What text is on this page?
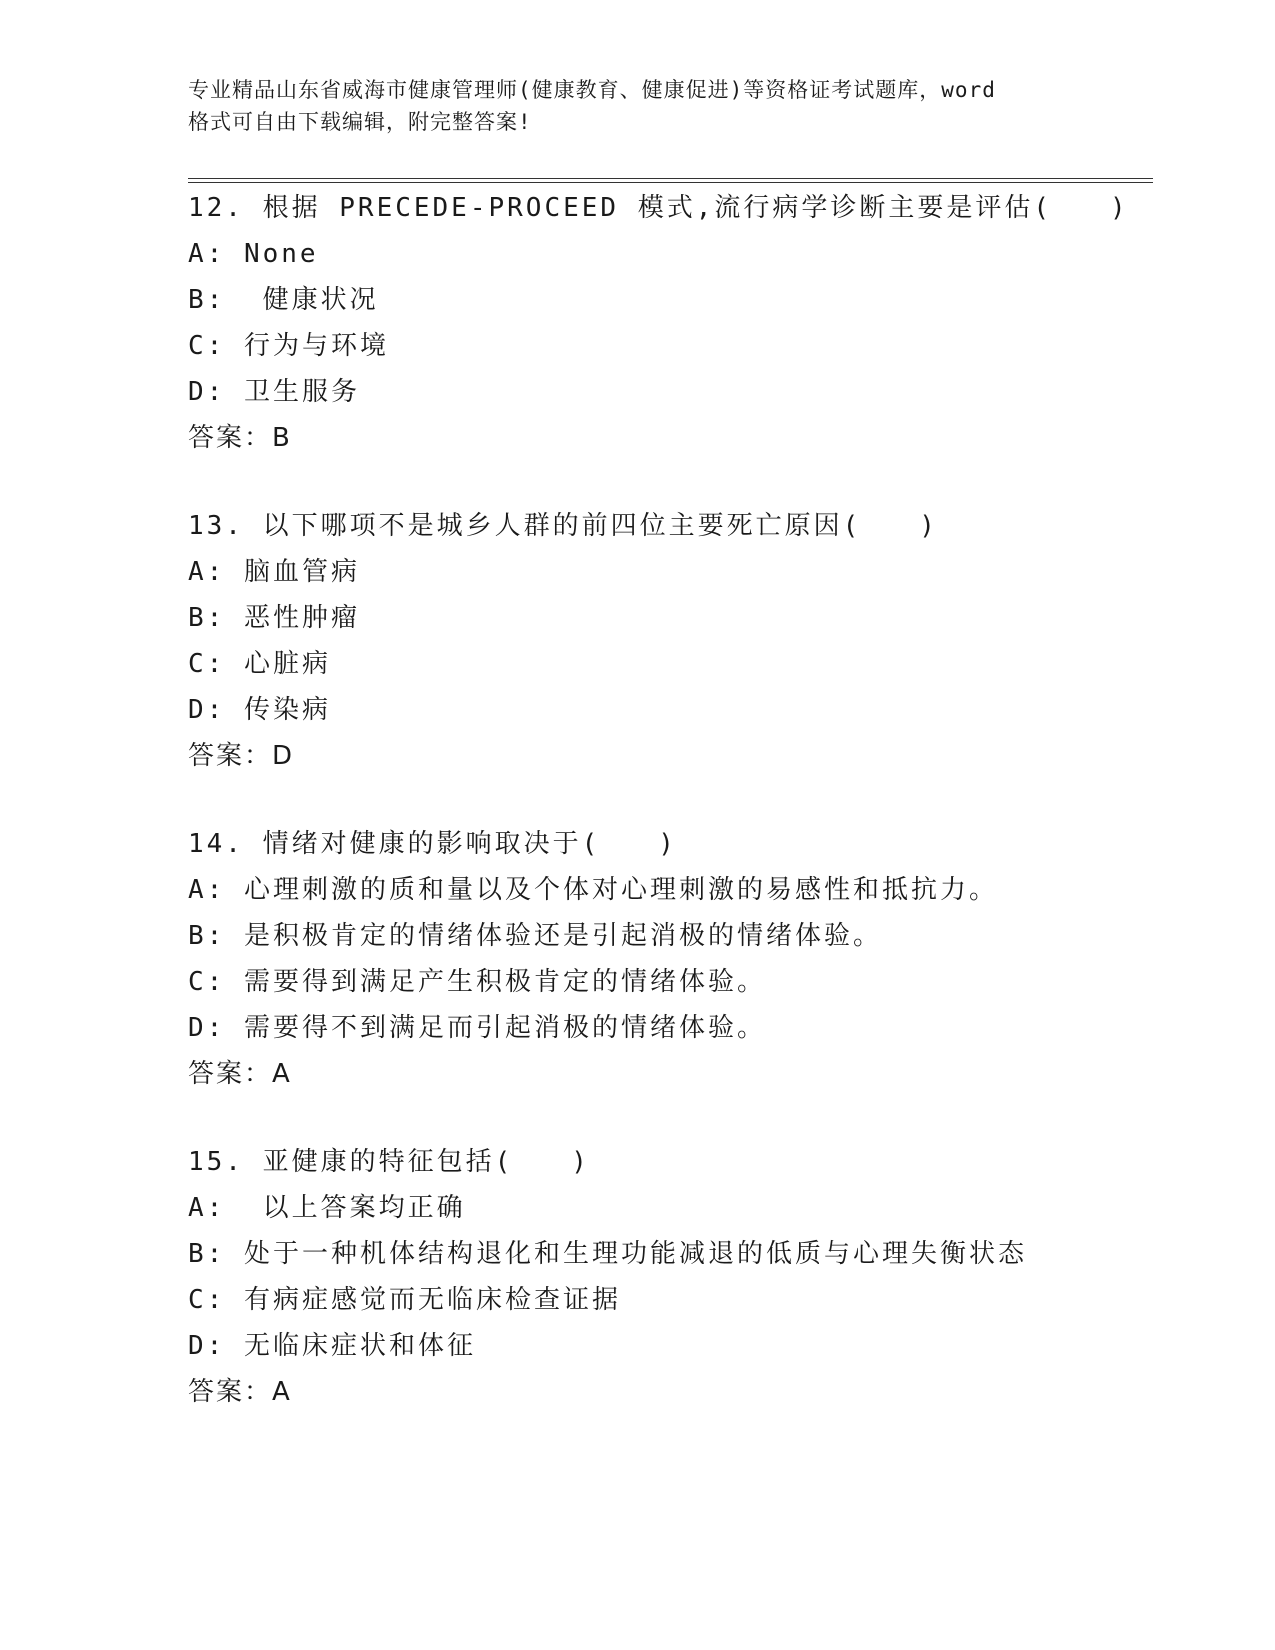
专业精品山东省威海市健康管理师(健康教育、健康促进)等资格证考试题库，word
格式可自由下载编辑，附完整答案!
12. 根据 PRECEDE-PROCEED 模式,流行病学诊断主要是评估(　　)
A: None
B:  健康状况
C: 行为与环境
D: 卫生服务
答案：B
13. 以下哪项不是城乡人群的前四位主要死亡原因(　　)
A: 脑血管病
B: 恶性肿瘤
C: 心脏病
D: 传染病
答案：D
14. 情绪对健康的影响取决于(　　)
A: 心理刺激的质和量以及个体对心理刺激的易感性和抵抗力。
B: 是积极肯定的情绪体验还是引起消极的情绪体验。
C: 需要得到满足产生积极肯定的情绪体验。
D: 需要得不到满足而引起消极的情绪体验。
答案：A
15. 亚健康的特征包括(　　)
A:  以上答案均正确
B: 处于一种机体结构退化和生理功能减退的低质与心理失衡状态
C: 有病症感觉而无临床检查证据
D: 无临床症状和体征
答案：A
